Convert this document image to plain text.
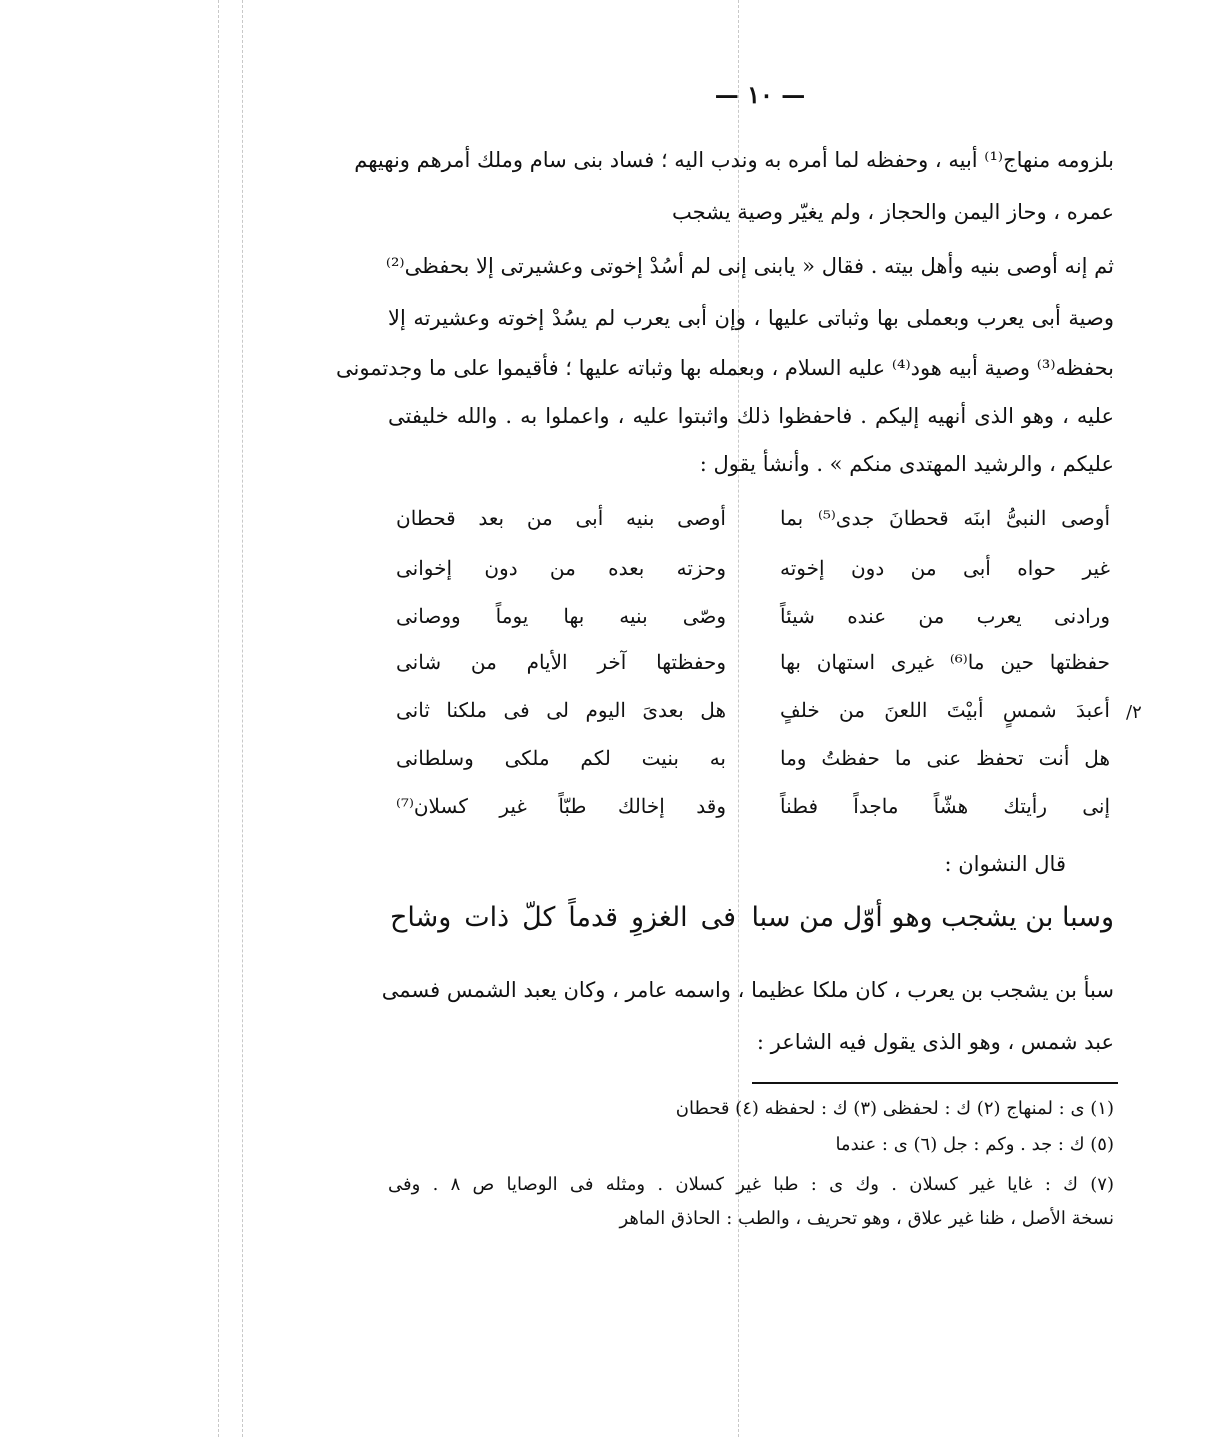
— ١٠ —
بلزومه منهاج⁽¹⁾ أبيه ، وحفظه لما أمره به وندب اليه ؛ فساد بنى سام وملك أمرهم ونهيهم
عمره ، وحاز اليمن والحجاز ، ولم يغيّر وصية يشجب
ثم إنه أوصى بنيه وأهل بيته . فقال « يابنى إنى لم أسُدْ إخوتى وعشيرتى إلا بحفظى⁽²⁾
وصية أبى يعرب وبعملى بها وثباتى عليها ، وإن أبى يعرب لم يسُدْ إخوته وعشيرته إلا
بحفظه⁽³⁾ وصية أبيه هود⁽⁴⁾ عليه السلام ، وبعمله بها وثباته عليها ؛ فأقيموا على ما وجدتمونى
عليه ، وهو الذى أنهيه إليكم . فاحفظوا ذلك واثبتوا عليه ، واعملوا به . والله خليفتى
عليكم ، والرشيد المهتدى منكم » . وأنشأ يقول :
أوصى النبىُّ ابنَه قحطانَ جدى⁽⁵⁾ بما
أوصى بنيه أبى من بعد قحطان
غير حواه أبى من دون إخوته
وحزته بعده من دون إخوانى
ورادنى يعرب من عنده شيئاً
وصّى بنيه بها يوماً ووصانى
حفظتها حين ما⁽⁶⁾ غيرى استهان بها
وحفظتها آخر الأيام من شانى
أعبدَ شمسٍ أبيْتَ اللعنَ من خلفٍ
هل بعدىَ اليوم لى فى ملكنا ثانى	٢/
هل أنت تحفظ عنى ما حفظتُ وما
به بنيت لكم ملكى وسلطانى
إنى رأيتك هشّاً ماجداً فطناً
وقد إخالك طبّاً غير كسلان⁽⁷⁾
قال النشوان :
وسبا بن يشجب وهو أوّل من سبا
فى الغزوِ قدماً كلّ ذات وشاح
سبأ بن يشجب بن يعرب ، كان ملكا عظيما ، واسمه عامر ، وكان يعبد الشمس فسمى
عبد شمس ، وهو الذى يقول فيه الشاعر :
(١) ى : لمنهاج (٢) ك : لحفظى (٣) ك : لحفظه (٤) قحطان
(٥) ك : جد . وكم : جل (٦) ى : عندما
(٧) ك : غايا غير كسلان . وك ى : طبا غير كسلان . ومثله فى الوصايا ص ٨ . وفى
نسخة الأصل ، ظنا غير علاق ، وهو تحريف ، والطب : الحاذق الماهر
